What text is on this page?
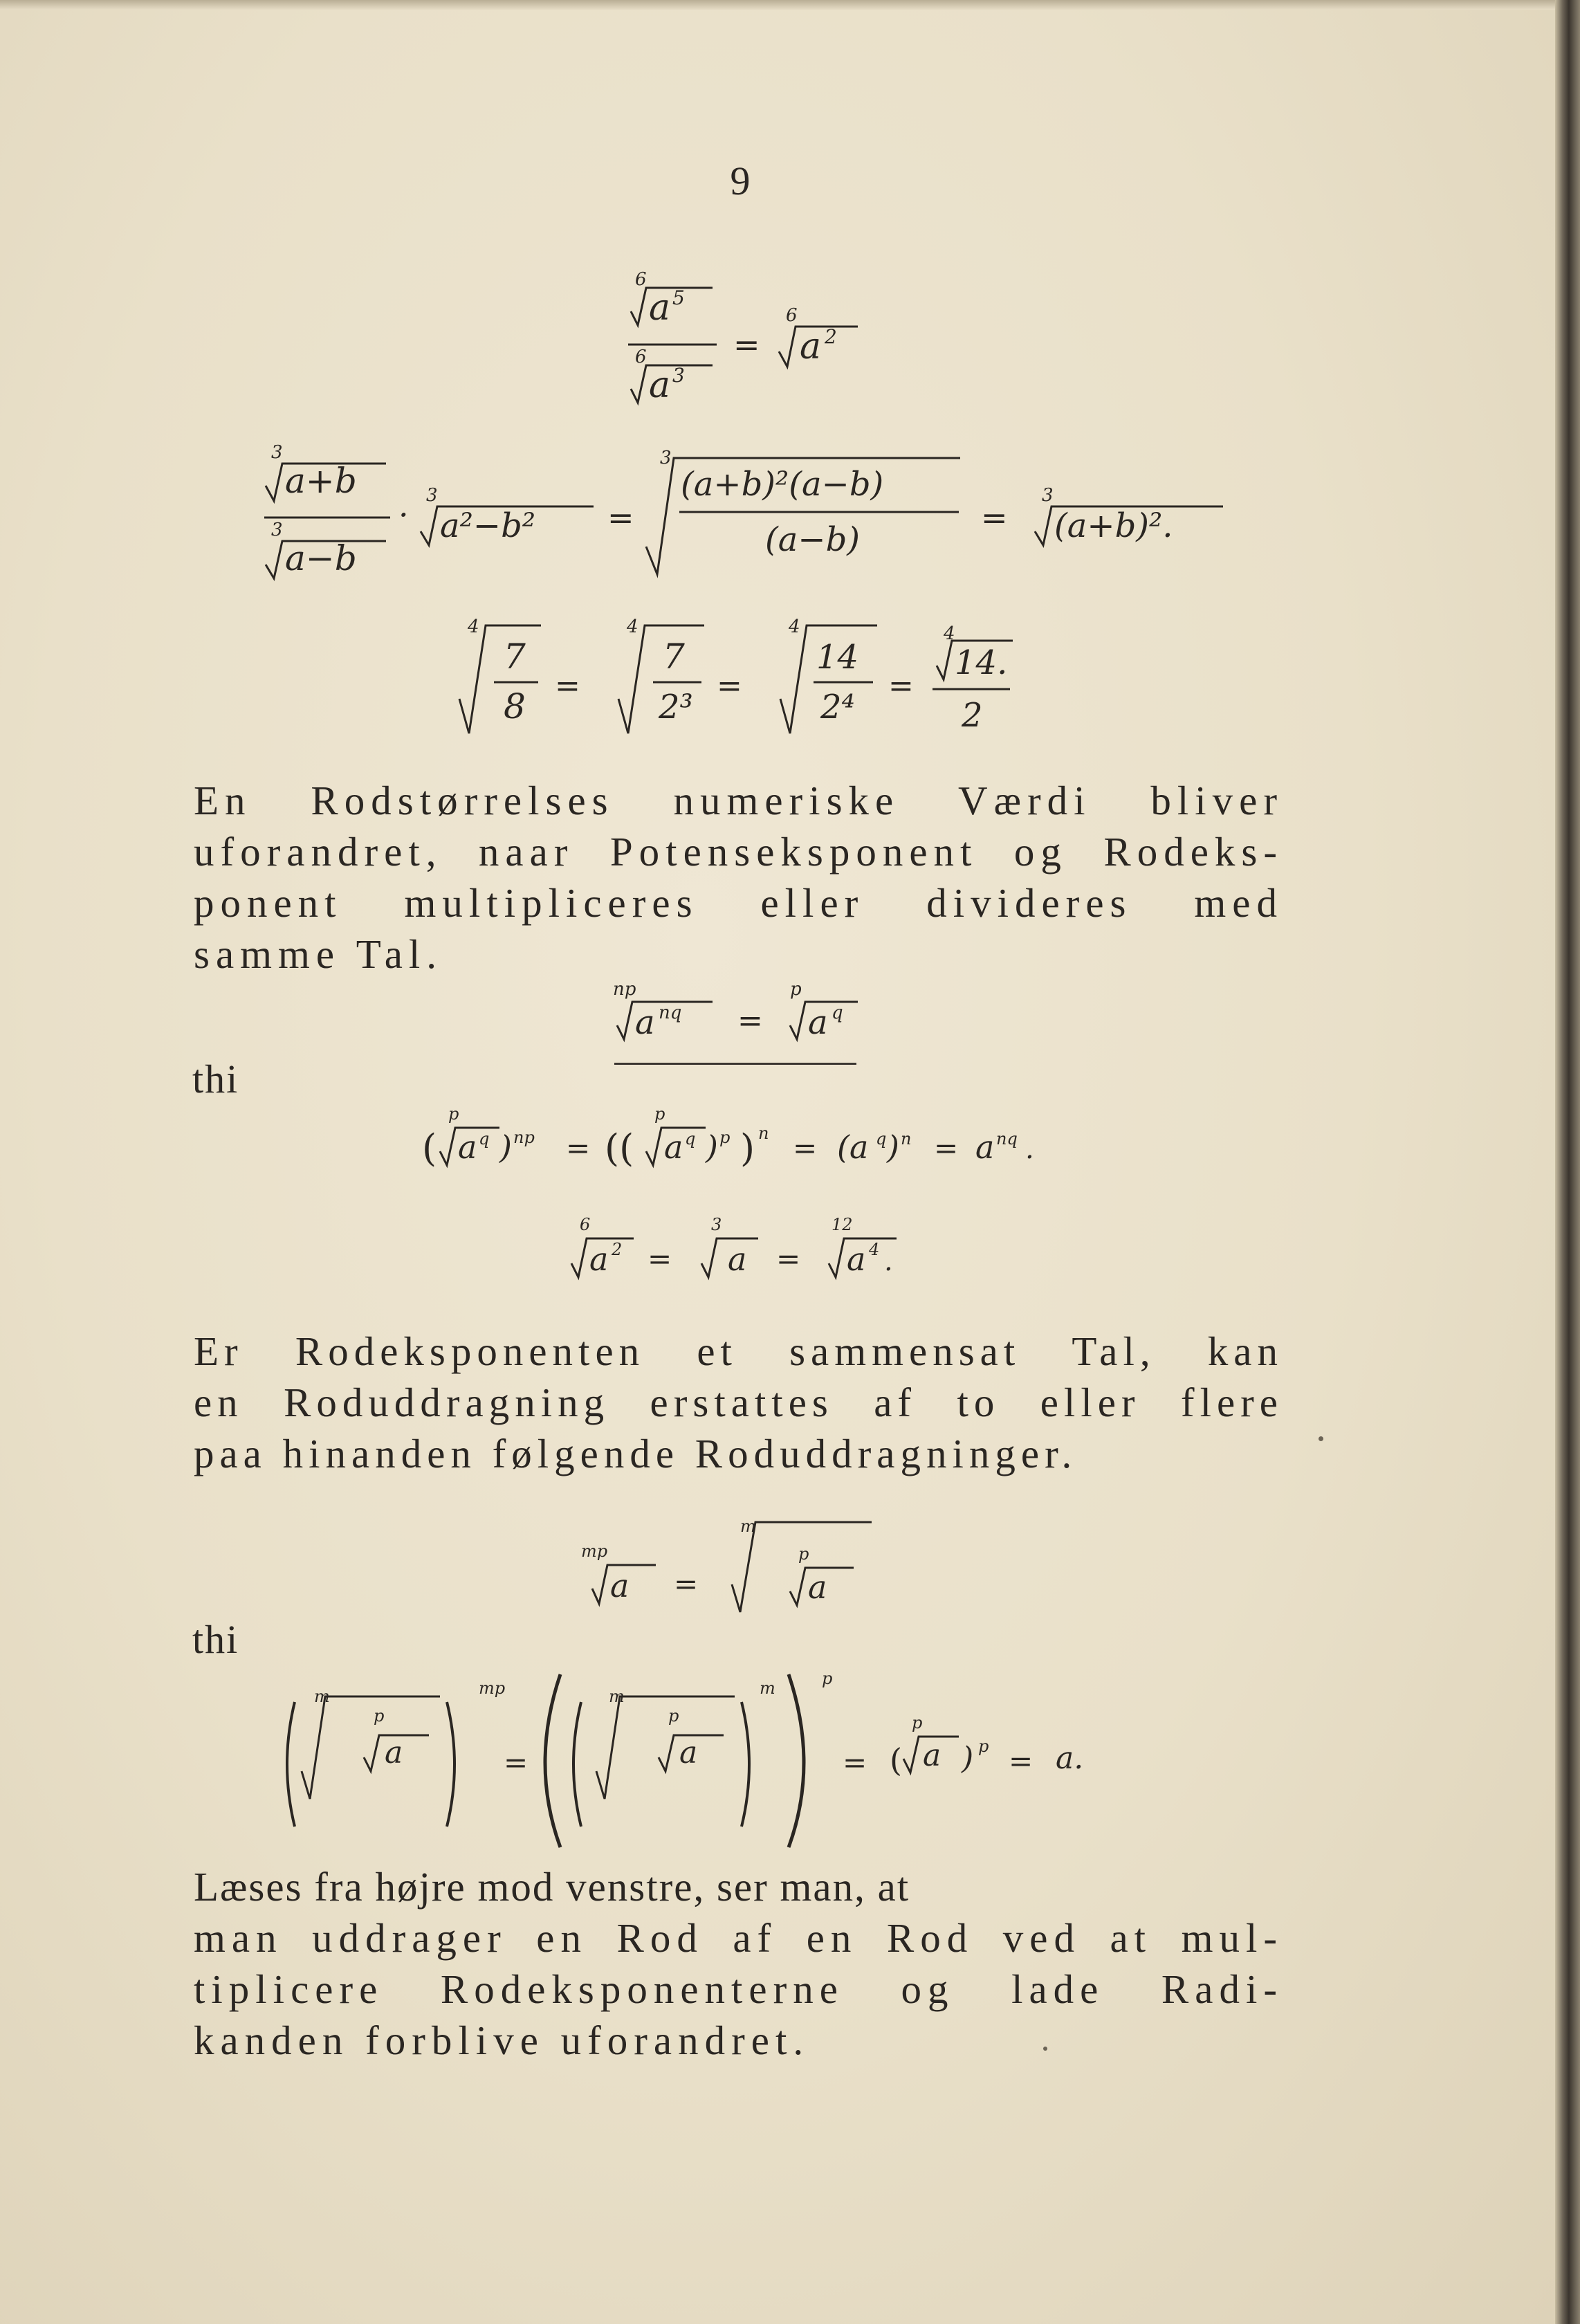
9
6
a 5
6
a 3
=
6
a 2
3
a+b
3
a−b
·
3
a²−b² =
3
(a+b)²(a−b)
(a−b)
=
3
(a+b)².
4
7
8
=
4
7
2³
=
4
14
2⁴
=
4
14.
2
En Rodstørrelses numeriske Værdi bliver
uforandret, naar Potenseksponent og Rodeks-
ponent multipliceres eller divideres med
samme Tal.
np
a nq =
p
a q
thi
(
p
a q ) np = ((
p
a q ) p ) n = (a q ) n = a nq .
6
a 2 =
3
a =
12
a 4 .
Er Rodeksponenten et sammensat Tal, kan
en Roduddragning erstattes af to eller flere
paa hinanden følgende Roduddragninger.
mp
a =
m
p
a
thi
m
p
a
mp
=
m
p
a
m	p
= (
p
a ) p = a.
Læses fra højre mod venstre, ser man, at
man uddrager en Rod af en Rod ved at mul-
tiplicere Rodeksponenterne og lade Radi-
kanden forblive uforandret.
